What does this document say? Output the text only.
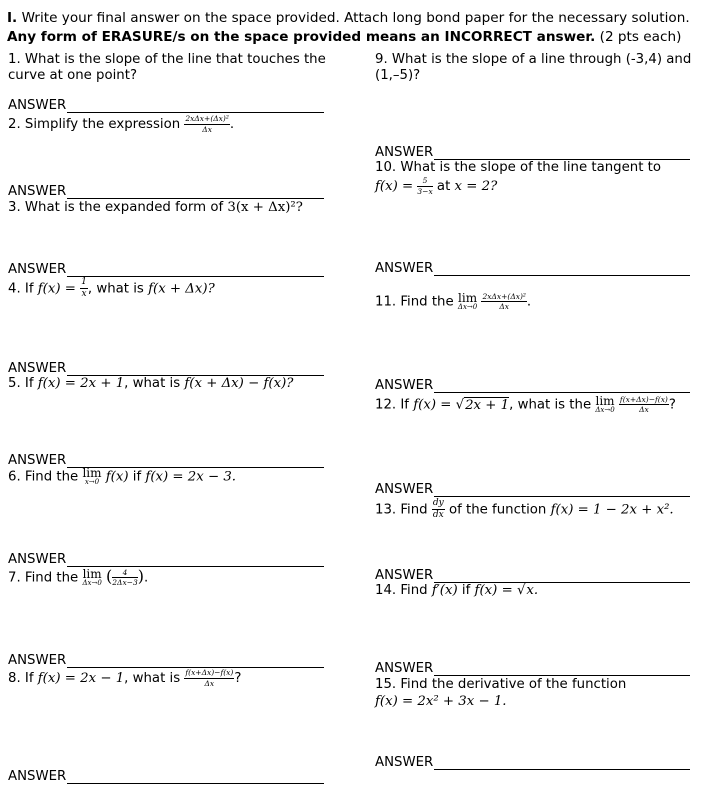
I. Write your final answer on the space provided. Attach long bond paper for the necessary solution. Any form of ERASURE/s on the space provided means an INCORRECT answer. (2 pts each)
1. What is the slope of the line that touches the curve at one point?
ANSWER
2. Simplify the expression $\frac{\text{2xΔx+(Δx)²}}{\Delta x}$ .
ANSWER
3. What is the expanded form of 3(x + Δx)²?
ANSWER
4. If $f(x) = \frac{1}{x}$ , what is f(x + Δx)?
ANSWER
5. If f(x) = 2x + 1, what is f(x + Δx) − f(x)?
ANSWER
6. Find the lim
x→0 f(x) if f(x) = 2x − 3.
ANSWER
7. Find the lim
Δx→0 ( $\frac{4}{2\Delta x-3}$ ).
ANSWER
8. If f(x) = 2x − 1, what is $\frac{f(x+\Delta x)-f(x)}{\Delta x}$ ?
ANSWER
9. What is the slope of a line through (-3,4) and (1,–5)?
ANSWER
10. What is the slope of the line tangent to
$f(x) = \frac{5}{3-x}$ at x = 2?
ANSWER
11. Find the lim
Δx→0
$\frac{\text{2xΔx+(Δx)²}}{\Delta x}$ .
ANSWER
12. If f(x) = √2x + 1, what is the lim
Δx→0
$\frac{f(x+\Delta x)-f(x)}{\Delta x}$ ?
ANSWER
13. Find $\frac{dy}{dx}$ of the function f(x) = 1 − 2x + x².
ANSWER
14. Find f′(x) if f(x) = √x.
ANSWER
15. Find the derivative of the function
f(x) = 2x² + 3x − 1.
ANSWER
